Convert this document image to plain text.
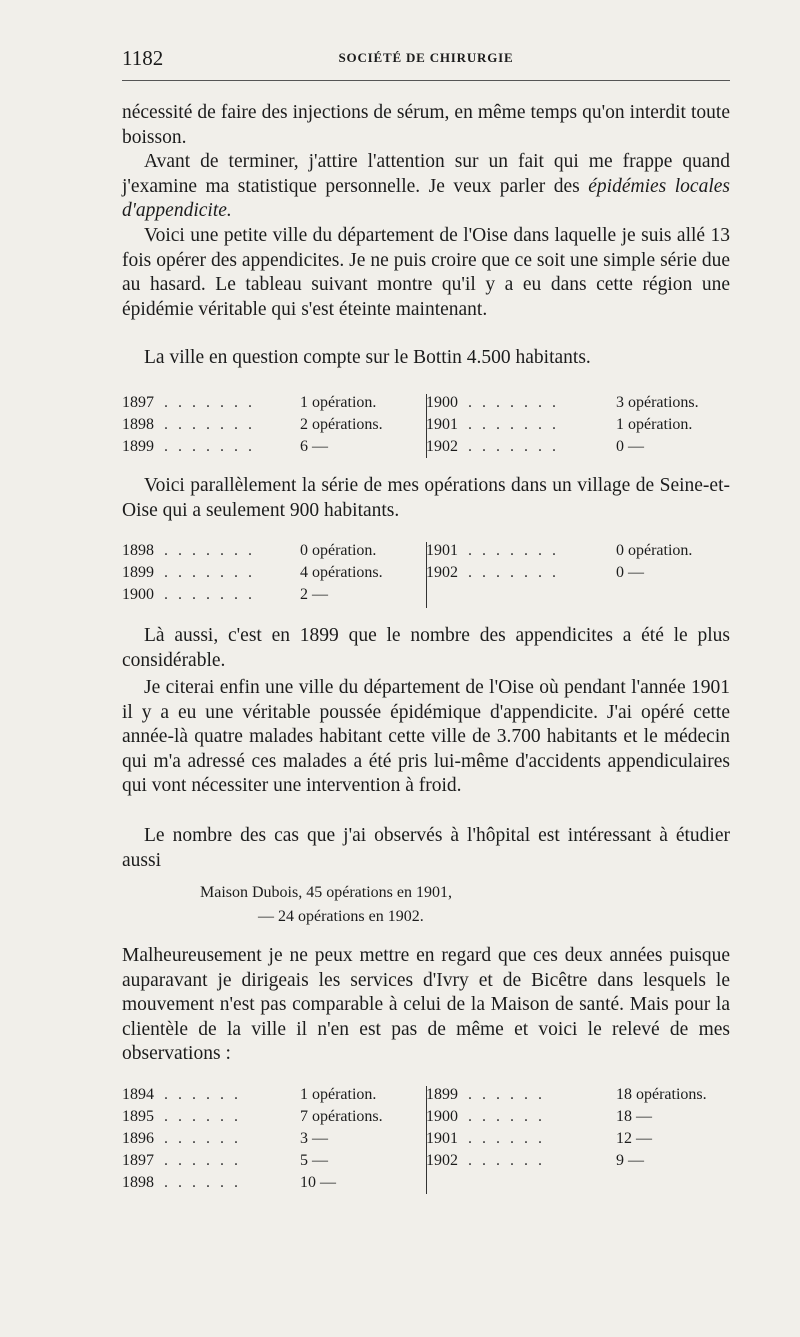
1182	SOCIÉTÉ DE CHIRURGIE

nécessité de faire des injections de sérum, en même temps qu'on interdit toute boisson.

Avant de terminer, j'attire l'attention sur un fait qui me frappe quand j'examine ma statistique personnelle. Je veux parler des épidémies locales d'appendicite.

Voici une petite ville du département de l'Oise dans laquelle je suis allé 13 fois opérer des appendicites. Je ne puis croire que ce soit une simple série due au hasard. Le tableau suivant montre qu'il y a eu dans cette région une épidémie véritable qui s'est éteinte maintenant.

La ville en question compte sur le Bottin 4.500 habitants.

1897 . . . . . . .	1 opération.
1898 . . . . . . .	2 opérations.
1899 . . . . . . .	6 —
1900 . . . . . . .	3 opérations.
1901 . . . . . . .	1 opération.
1902 . . . . . . .	0 —

Voici parallèlement la série de mes opérations dans un village de Seine-et-Oise qui a seulement 900 habitants.

1898 . . . . . . .	0 opération.
1899 . . . . . . .	4 opérations.
1900 . . . . . . .	2 —
1901 . . . . . . .	0 opération.
1902 . . . . . . .	0 —

Là aussi, c'est en 1899 que le nombre des appendicites a été le plus considérable.

Je citerai enfin une ville du département de l'Oise où pendant l'année 1901 il y a eu une véritable poussée épidémique d'appendicite. J'ai opéré cette année-là quatre malades habitant cette ville de 3.700 habitants et le médecin qui m'a adressé ces malades a été pris lui-même d'accidents appendiculaires qui vont nécessiter une intervention à froid.

Le nombre des cas que j'ai observés à l'hôpital est intéressant à étudier aussi

Maison Dubois, 45 opérations en 1901,
— 24 opérations en 1902.

Malheureusement je ne peux mettre en regard que ces deux années puisque auparavant je dirigeais les services d'Ivry et de Bicêtre dans lesquels le mouvement n'est pas comparable à celui de la Maison de santé. Mais pour la clientèle de la ville il n'en est pas de même et voici le relevé de mes observations :

1894 . . . . . .	1 opération.
1895 . . . . . .	7 opérations.
1896 . . . . . .	3 —
1897 . . . . . .	5 —
1898 . . . . . .	10 —
1899 . . . . . .	18 opérations.
1900 . . . . . .	18 —
1901 . . . . . .	12 —
1902 . . . . . .	9 —
